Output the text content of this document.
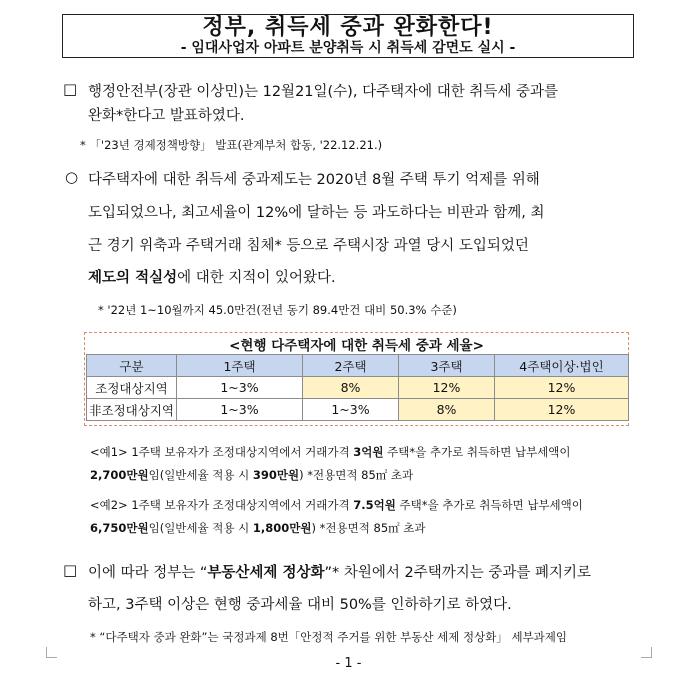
정부, 취득세 중과 완화한다!
- 임대사업자 아파트 분양취득 시 취득세 감면도 실시 -
□ 행정안전부(장관 이상민)는 12월21일(수), 다주택자에 대한 취득세 중과를
완화*한다고 발표하였다.
* 「'23년 경제정책방향」 발표(관계부처 합동, '22.12.21.)
○ 다주택자에 대한 취득세 중과제도는 2020년 8월 주택 투기 억제를 위해
도입되었으나, 최고세율이 12%에 달하는 등 과도하다는 비판과 함께, 최
근 경기 위축과 주택거래 침체* 등으로 주택시장 과열 당시 도입되었던
제도의 적실성에 대한 지적이 있어왔다.
* '22년 1~10월까지 45.0만건(전년 동기 89.4만건 대비 50.3% 수준)
<현행 다주택자에 대한 취득세 중과 세율>
구분	1주택	2주택	3주택	4주택이상·법인
조정대상지역	1~3%	8%	12%	12%
非조정대상지역	1~3%	1~3%	8%	12%
<예1> 1주택 보유자가 조정대상지역에서 거래가격 3억원 주택*을 추가로 취득하면 납부세액이
2,700만원임(일반세율 적용 시 390만원) *전용면적 85㎡ 초과
<예2> 1주택 보유자가 조정대상지역에서 거래가격 7.5억원 주택*을 추가로 취득하면 납부세액이
6,750만원임(일반세율 적용 시 1,800만원) *전용면적 85㎡ 초과
□ 이에 따라 정부는 “부동산세제 정상화”* 차원에서 2주택까지는 중과를 폐지키로
하고, 3주택 이상은 현행 중과세율 대비 50%를 인하하기로 하였다.
* “다주택자 중과 완화”는 국정과제 8번「안정적 주거를 위한 부동산 세제 정상화」 세부과제임
- 1 -
